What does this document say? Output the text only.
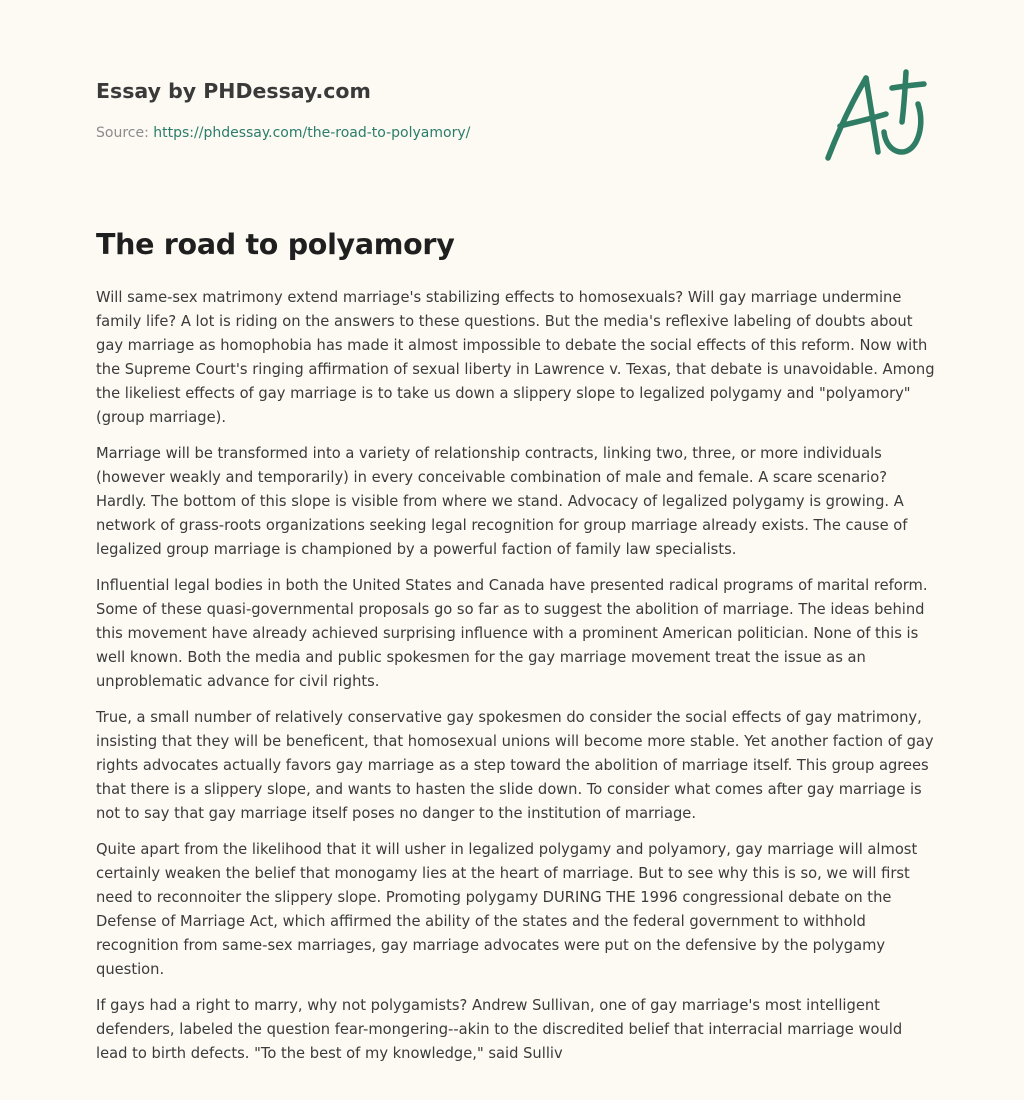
Essay by PHDessay.com

Source: https://phdessay.com/the-road-to-polyamory/
The road to polyamory

Will same-sex matrimony extend marriage's stabilizing effects to homosexuals? Will gay marriage undermine family life? A lot is riding on the answers to these questions. But the media's reflexive labeling of doubts about gay marriage as homophobia has made it almost impossible to debate the social effects of this reform. Now with the Supreme Court's ringing affirmation of sexual liberty in Lawrence v. Texas, that debate is unavoidable. Among the likeliest effects of gay marriage is to take us down a slippery slope to legalized polygamy and "polyamory" (group marriage).

Marriage will be transformed into a variety of relationship contracts, linking two, three, or more individuals (however weakly and temporarily) in every conceivable combination of male and female. A scare scenario? Hardly. The bottom of this slope is visible from where we stand. Advocacy of legalized polygamy is growing. A network of grass-roots organizations seeking legal recognition for group marriage already exists. The cause of legalized group marriage is championed by a powerful faction of family law specialists.

Influential legal bodies in both the United States and Canada have presented radical programs of marital reform. Some of these quasi-governmental proposals go so far as to suggest the abolition of marriage. The ideas behind this movement have already achieved surprising influence with a prominent American politician. None of this is well known. Both the media and public spokesmen for the gay marriage movement treat the issue as an unproblematic advance for civil rights.

True, a small number of relatively conservative gay spokesmen do consider the social effects of gay matrimony, insisting that they will be beneficent, that homosexual unions will become more stable. Yet another faction of gay rights advocates actually favors gay marriage as a step toward the abolition of marriage itself. This group agrees that there is a slippery slope, and wants to hasten the slide down. To consider what comes after gay marriage is not to say that gay marriage itself poses no danger to the institution of marriage.

Quite apart from the likelihood that it will usher in legalized polygamy and polyamory, gay marriage will almost certainly weaken the belief that monogamy lies at the heart of marriage. But to see why this is so, we will first need to reconnoiter the slippery slope. Promoting polygamy DURING THE 1996 congressional debate on the Defense of Marriage Act, which affirmed the ability of the states and the federal government to withhold recognition from same-sex marriages, gay marriage advocates were put on the defensive by the polygamy question.

If gays had a right to marry, why not polygamists? Andrew Sullivan, one of gay marriage's most intelligent defenders, labeled the question fear-mongering--akin to the discredited belief that interracial marriage would lead to birth defects. "To the best of my knowledge," said Sulliv
